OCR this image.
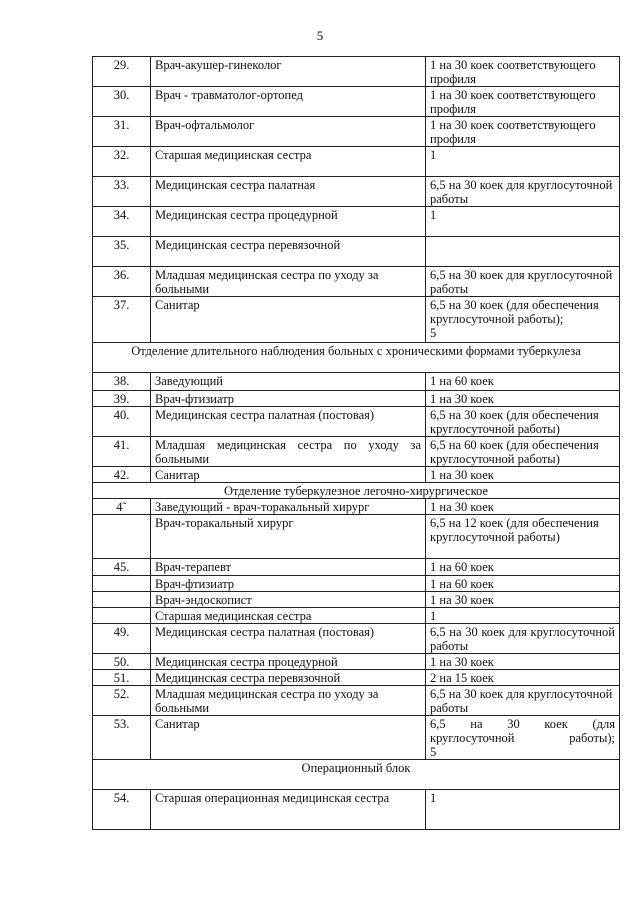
5
29.	Врач-акушер-гинеколог	1 на 30 коек соответствующего профиля

30.	Врач - травматолог-ортопед	1 на 30 коек соответствующего профиля

31.	Врач-офтальмолог	1 на 30 коек соответствующего профиля

32.	Старшая медицинская сестра	1

33.	Медицинская сестра палатная	6,5 на 30 коек для круглосуточной работы

34.	Медицинская сестра процедурной	1

35.	Медицинская сестра перевязочной	

36.	Младшая медицинская сестра по уходу за больными	6,5 на 30 коек для круглосуточной работы

37.	Санитар	6,5 на 30 коек (для обеспечения круглосуточной работы);
5

Отделение длительного наблюдения больных с хроническими формами туберкулеза		
38.	Заведующий	1 на 60 коек

39.	Врач-фтизиатр	1 на 30 коек

40.	Медицинская сестра палатная (постовая)	6,5 на 30 коек (для обеспечения круглосуточной работы)

41.	Младшая медицинская сестра по уходу за больными	6,5 на 60 коек (для обеспечения круглосуточной работы)

42.	Санитар	1 на 30 коек

Отделение туберкулезное легочно-хирургическое		
4˜	Заведующий - врач-торакальный хирург	1 на 30 коек

	Врач-торакальный хирург	6,5 на 12 коек (для обеспечения круглосуточной работы)

45.	Врач-терапевт	1 на 60 коек

	Врач-фтизиатр	1 на 60 коек

	Врач-эндоскопист	1 на 30 коек

	Старшая медицинская сестра	1

49.	Медицинская сестра палатная (постовая)	6,5 на 30 коек для круглосуточной работы

50.	Медицинская сестра процедурной	1 на 30 коек

51.	Медицинская сестра перевязочной	2 на 15 коек

52.	Младшая медицинская сестра по уходу за больными	6,5 на 30 коек для круглосуточной работы

53.	Санитар	6,5 на 30 коек (для круглосуточной работы);
5

Операционный блок		
54.	Старшая операционная медицинская сестра	1
